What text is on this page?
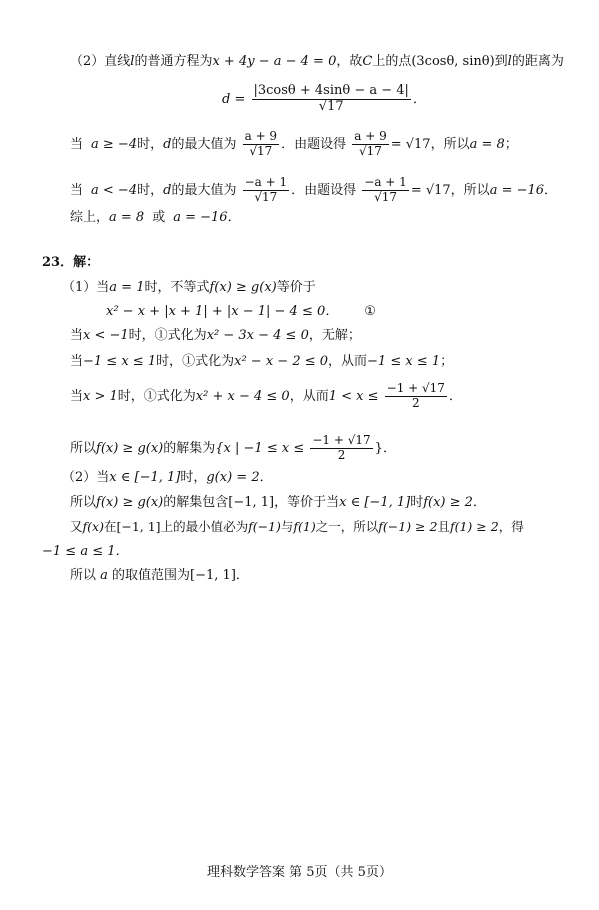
（2）直线l的普通方程为x + 4y − a − 4 = 0，故C上的点(3cosθ, sinθ)到l的距离为
$d = \frac{|3\cos\theta + 4\sin\theta - a - 4|}{√17}$ ．
当 a ≥ −4时，d的最大值为 $\frac{a + 9}{√17}$ ．由题设得 $\frac{a + 9}{√17} = √17$，所以a = 8；
当 a < −4时，d的最大值为 $\frac{-a + 1}{√17}$ ．由题设得 $\frac{-a + 1}{√17} = √17$，所以a = −16．
综上，a = 8 或 a = −16．
23．解：
（1）当a = 1时，不等式f(x) ≥ g(x)等价于
x² − x + |x + 1| + |x − 1| − 4 ≤ 0． ①
当x < −1时，①式化为x² − 3x − 4 ≤ 0，无解；
当−1 ≤ x ≤ 1时，①式化为x² − x − 2 ≤ 0，从而−1 ≤ x ≤ 1；
当x > 1时，①式化为x² + x − 4 ≤ 0，从而$1 < x \le \frac{-1 + √17}{2}$ ．
所以f(x) ≥ g(x)的解集为{x | $-1 \le x \le \frac{-1 + √17}{2}$ }．
（2）当x ∈ [−1, 1]时，g(x) = 2．
所以f(x) ≥ g(x)的解集包含[−1, 1]，等价于当x ∈ [−1, 1]时f(x) ≥ 2．
又f(x)在[−1, 1]上的最小值必为f(−1)与f(1)之一，所以f(−1) ≥ 2且f(1) ≥ 2，得
−1 ≤ a ≤ 1．
所以 a 的取值范围为[−1, 1]．
理科数学答案 第 5页（共 5页）
